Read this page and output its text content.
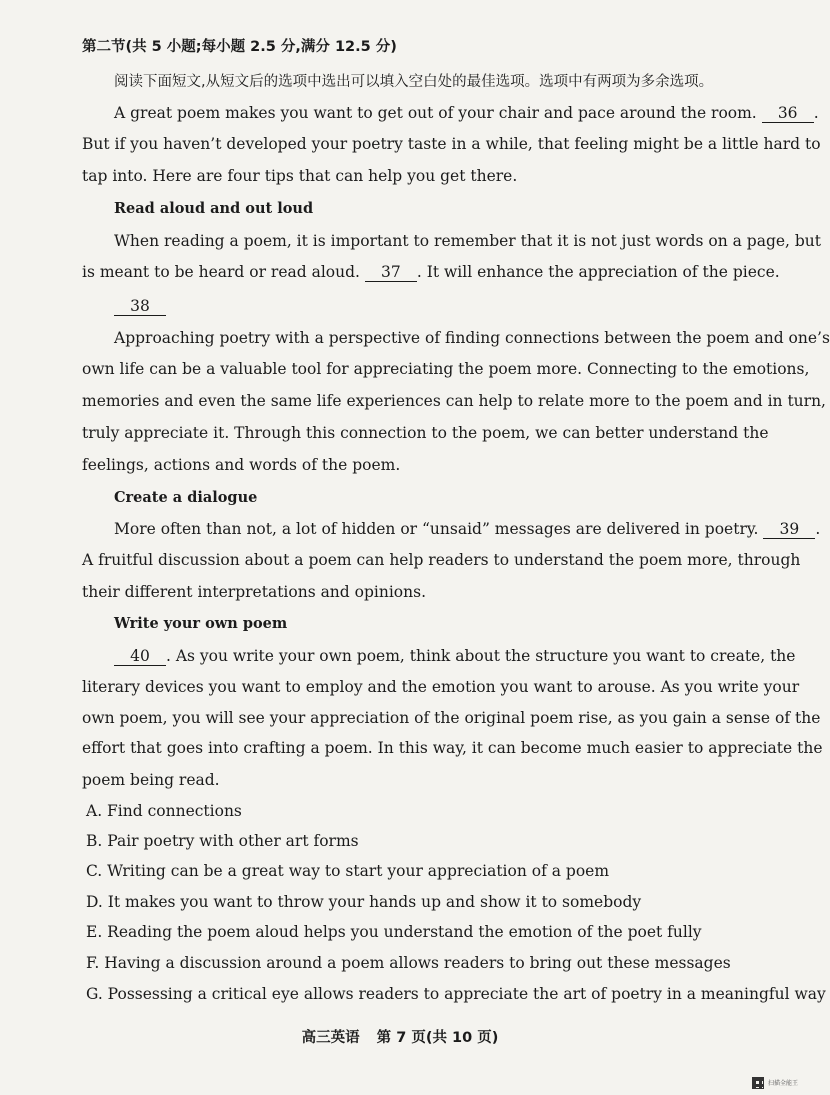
第二节(共 5 小题;每小题 2.5 分,满分 12.5 分)
阅读下面短文,从短文后的选项中选出可以填入空白处的最佳选项。选项中有两项为多余选项。
A great poem makes you want to get out of your chair and pace around the room. 36 .
But if you haven’t developed your poetry taste in a while, that feeling might be a little hard to
tap into. Here are four tips that can help you get there.
Read aloud and out loud
When reading a poem, it is important to remember that it is not just words on a page, but
is meant to be heard or read aloud. 37 . It will enhance the appreciation of the piece.
38
Approaching poetry with a perspective of finding connections between the poem and one’s
own life can be a valuable tool for appreciating the poem more. Connecting to the emotions,
memories and even the same life experiences can help to relate more to the poem and in turn,
truly appreciate it. Through this connection to the poem, we can better understand the
feelings, actions and words of the poem.
Create a dialogue
More often than not, a lot of hidden or “unsaid” messages are delivered in poetry. 39 .
A fruitful discussion about a poem can help readers to understand the poem more, through
their different interpretations and opinions.
Write your own poem
40 . As you write your own poem, think about the structure you want to create, the
literary devices you want to employ and the emotion you want to arouse. As you write your
own poem, you will see your appreciation of the original poem rise, as you gain a sense of the
effort that goes into crafting a poem. In this way, it can become much easier to appreciate the
poem being read.
A. Find connections
B. Pair poetry with other art forms
C. Writing can be a great way to start your appreciation of a poem
D. It makes you want to throw your hands up and show it to somebody
E. Reading the poem aloud helps you understand the emotion of the poet fully
F. Having a discussion around a poem allows readers to bring out these messages
G. Possessing a critical eye allows readers to appreciate the art of poetry in a meaningful way
高三英语 第 7 页(共 10 页)
扫描全能王
